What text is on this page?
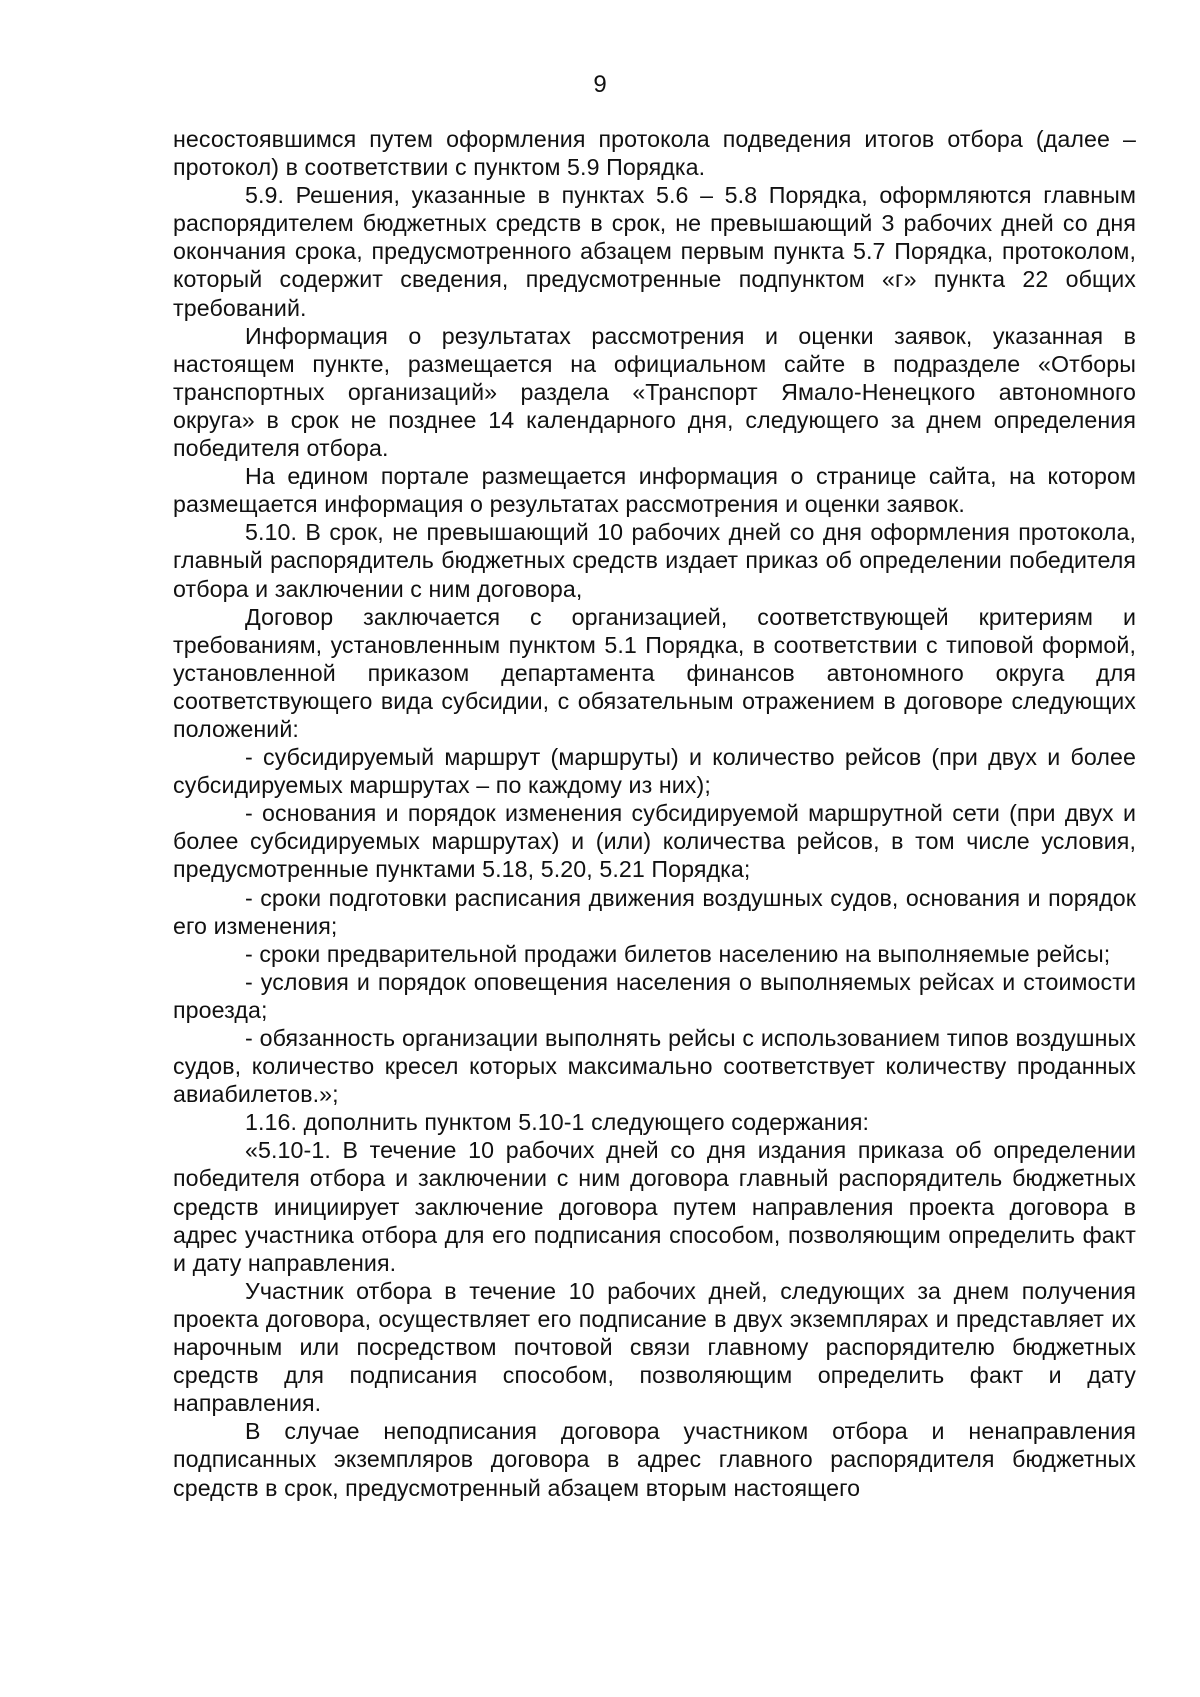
9

несостоявшимся путем оформления протокола подведения итогов отбора (далее – протокол) в соответствии с пунктом 5.9 Порядка.

5.9. Решения, указанные в пунктах 5.6 – 5.8 Порядка, оформляются главным распорядителем бюджетных средств в срок, не превышающий 3 рабочих дней со дня окончания срока, предусмотренного абзацем первым пункта 5.7 Порядка, протоколом, который содержит сведения, предусмотренные подпунктом «г» пункта 22 общих требований.

Информация о результатах рассмотрения и оценки заявок, указанная в настоящем пункте, размещается на официальном сайте в подразделе «Отборы транспортных организаций» раздела «Транспорт Ямало-Ненецкого автономного округа» в срок не позднее 14 календарного дня, следующего за днем определения победителя отбора.

На едином портале размещается информация о странице сайта, на котором размещается информация о результатах рассмотрения и оценки заявок.

5.10. В срок, не превышающий 10 рабочих дней со дня оформления протокола, главный распорядитель бюджетных средств издает приказ об определении победителя отбора и заключении с ним договора,

Договор заключается с организацией, соответствующей критериям и требованиям, установленным пунктом 5.1 Порядка, в соответствии с типовой формой, установленной приказом департамента финансов автономного округа для соответствующего вида субсидии, с обязательным отражением в договоре следующих положений:

- субсидируемый маршрут (маршруты) и количество рейсов (при двух и более субсидируемых маршрутах – по каждому из них);

- основания и порядок изменения субсидируемой маршрутной сети (при двух и более субсидируемых маршрутах) и (или) количества рейсов, в том числе условия, предусмотренные пунктами 5.18, 5.20, 5.21 Порядка;

- сроки подготовки расписания движения воздушных судов, основания и порядок его изменения;

- сроки предварительной продажи билетов населению на выполняемые рейсы;

- условия и порядок оповещения населения о выполняемых рейсах и стоимости проезда;

- обязанность организации выполнять рейсы с использованием типов воздушных судов, количество кресел которых максимально соответствует количеству проданных авиабилетов.»;

1.16. дополнить пунктом 5.10-1 следующего содержания:

«5.10-1. В течение 10 рабочих дней со дня издания приказа об определении победителя отбора и заключении с ним договора главный распорядитель бюджетных средств инициирует заключение договора путем направления проекта договора в адрес участника отбора для его подписания способом, позволяющим определить факт и дату направления.

Участник отбора в течение 10 рабочих дней, следующих за днем получения проекта договора, осуществляет его подписание в двух экземплярах и представляет их нарочным или посредством почтовой связи главному распорядителю бюджетных средств для подписания способом, позволяющим определить факт и дату направления.

В случае неподписания договора участником отбора и ненаправления подписанных экземпляров договора в адрес главного распорядителя бюджетных средств в срок, предусмотренный абзацем вторым настоящего
